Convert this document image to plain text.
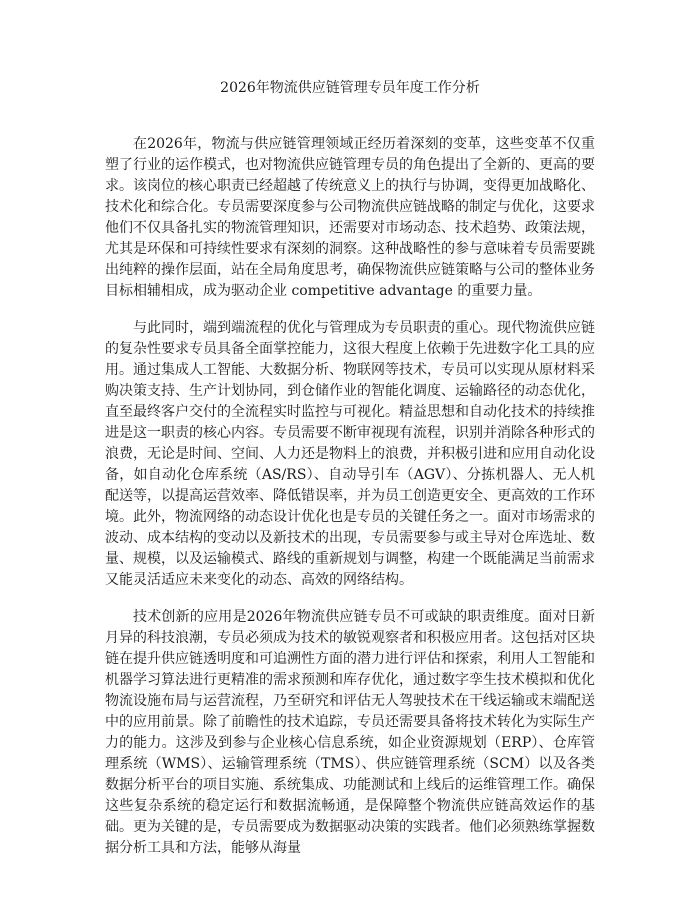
2026年物流供应链管理专员年度工作分析

在2026年，物流与供应链管理领域正经历着深刻的变革，这些变革不仅重塑了行业的运作模式，也对物流供应链管理专员的角色提出了全新的、更高的要求。该岗位的核心职责已经超越了传统意义上的执行与协调，变得更加战略化、技术化和综合化。专员需要深度参与公司物流供应链战略的制定与优化，这要求他们不仅具备扎实的物流管理知识，还需要对市场动态、技术趋势、政策法规，尤其是环保和可持续性要求有深刻的洞察。这种战略性的参与意味着专员需要跳出纯粹的操作层面，站在全局角度思考，确保物流供应链策略与公司的整体业务目标相辅相成，成为驱动企业 competitive advantage 的重要力量。

与此同时，端到端流程的优化与管理成为专员职责的重心。现代物流供应链的复杂性要求专员具备全面掌控能力，这很大程度上依赖于先进数字化工具的应用。通过集成人工智能、大数据分析、物联网等技术，专员可以实现从原材料采购决策支持、生产计划协同，到仓储作业的智能化调度、运输路径的动态优化，直至最终客户交付的全流程实时监控与可视化。精益思想和自动化技术的持续推进是这一职责的核心内容。专员需要不断审视现有流程，识别并消除各种形式的浪费，无论是时间、空间、人力还是物料上的浪费，并积极引进和应用自动化设备，如自动化仓库系统（AS/RS）、自动导引车（AGV）、分拣机器人、无人机配送等，以提高运营效率、降低错误率，并为员工创造更安全、更高效的工作环境。此外，物流网络的动态设计优化也是专员的关键任务之一。面对市场需求的波动、成本结构的变动以及新技术的出现，专员需要参与或主导对仓库选址、数量、规模，以及运输模式、路线的重新规划与调整，构建一个既能满足当前需求又能灵活适应未来变化的动态、高效的网络结构。

技术创新的应用是2026年物流供应链专员不可或缺的职责维度。面对日新月异的科技浪潮，专员必须成为技术的敏锐观察者和积极应用者。这包括对区块链在提升供应链透明度和可追溯性方面的潜力进行评估和探索，利用人工智能和机器学习算法进行更精准的需求预测和库存优化，通过数字孪生技术模拟和优化物流设施布局与运营流程，乃至研究和评估无人驾驶技术在干线运输或末端配送中的应用前景。除了前瞻性的技术追踪，专员还需要具备将技术转化为实际生产力的能力。这涉及到参与企业核心信息系统，如企业资源规划（ERP）、仓库管理系统（WMS）、运输管理系统（TMS）、供应链管理系统（SCM）以及各类数据分析平台的项目实施、系统集成、功能测试和上线后的运维管理工作。确保这些复杂系统的稳定运行和数据流畅通，是保障整个物流供应链高效运作的基础。更为关键的是，专员需要成为数据驱动决策的实践者。他们必须熟练掌握数据分析工具和方法，能够从海量
